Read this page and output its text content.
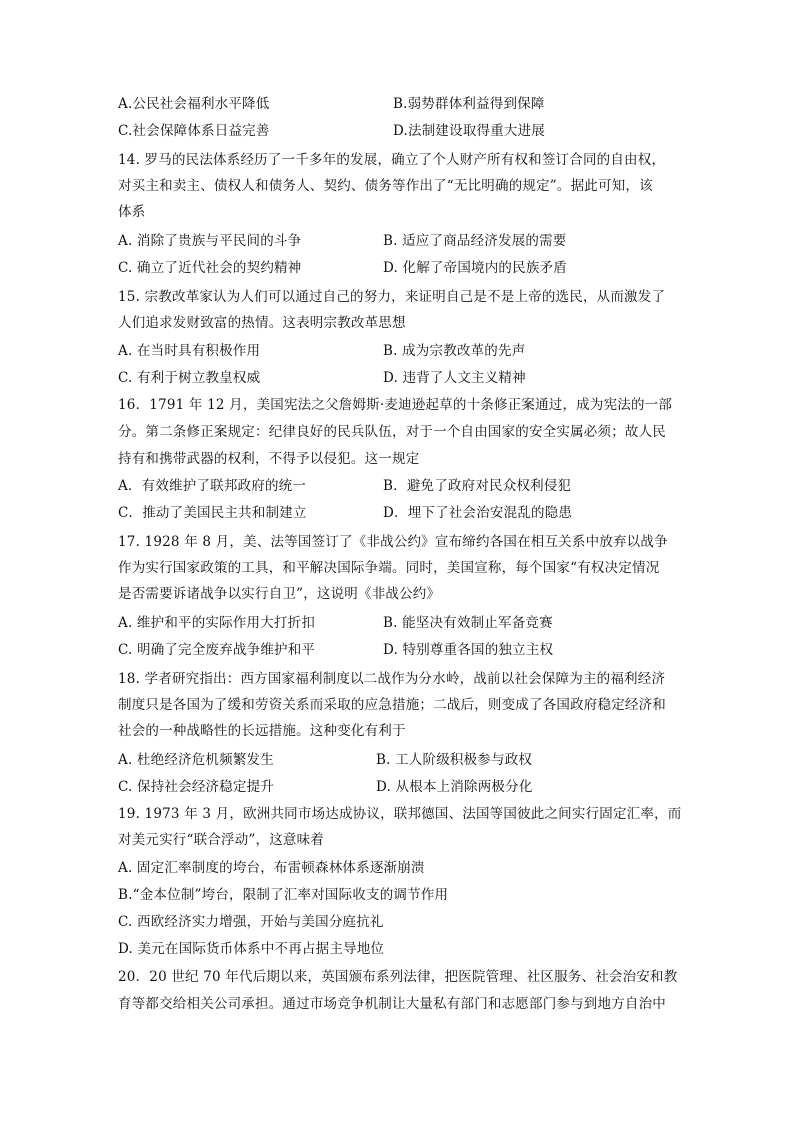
A.公民社会福利水平降低	B.弱势群体利益得到保障
C.社会保障体系日益完善	D.法制建设取得重大进展
14. 罗马的民法体系经历了一千多年的发展，确立了个人财产所有权和签订合同的自由权，
对买主和卖主、债权人和债务人、契约、债务等作出了“无比明确的规定”。据此可知，该
体系
A. 消除了贵族与平民间的斗争	B. 适应了商品经济发展的需要
C. 确立了近代社会的契约精神	D. 化解了帝国境内的民族矛盾
15. 宗教改革家认为人们可以通过自己的努力，来证明自己是不是上帝的选民，从而激发了
人们追求发财致富的热情。这表明宗教改革思想
A. 在当时具有积极作用	B. 成为宗教改革的先声
C. 有利于树立教皇权威	D. 违背了人文主义精神
16．1791 年 12 月，美国宪法之父詹姆斯·麦迪逊起草的十条修正案通过，成为宪法的一部
分。第二条修正案规定：纪律良好的民兵队伍，对于一个自由国家的安全实属必须；故人民
持有和携带武器的权利，不得予以侵犯。这一规定
A．有效维护了联邦政府的统一	B．避免了政府对民众权利侵犯
C．推动了美国民主共和制建立	D．埋下了社会治安混乱的隐患
17. 1928 年 8 月，美、法等国签订了《非战公约》宣布缔约各国在相互关系中放弃以战争
作为实行国家政策的工具，和平解决国际争端。同时，美国宣称，每个国家“有权决定情况
是否需要诉诸战争以实行自卫”，这说明《非战公约》
A. 维护和平的实际作用大打折扣	B. 能坚决有效制止军备竞赛
C. 明确了完全废弃战争维护和平	D. 特别尊重各国的独立主权
18. 学者研究指出：西方国家福利制度以二战作为分水岭，战前以社会保障为主的福利经济
制度只是各国为了缓和劳资关系而采取的应急措施；二战后，则变成了各国政府稳定经济和
社会的一种战略性的长远措施。这种变化有利于
A. 杜绝经济危机频繁发生	B. 工人阶级积极参与政权
C. 保持社会经济稳定提升	D. 从根本上消除两极分化
19. 1973 年 3 月，欧洲共同市场达成协议，联邦德国、法国等国彼此之间实行固定汇率，而
对美元实行“联合浮动”，这意味着
A. 固定汇率制度的垮台，布雷顿森林体系逐渐崩溃
B.“金本位制”垮台，限制了汇率对国际收支的调节作用
C. 西欧经济实力增强，开始与美国分庭抗礼
D. 美元在国际货币体系中不再占据主导地位
20．20 世纪 70 年代后期以来，英国颁布系列法律，把医院管理、社区服务、社会治安和教
育等都交给相关公司承担。通过市场竞争机制让大量私有部门和志愿部门参与到地方自治中
